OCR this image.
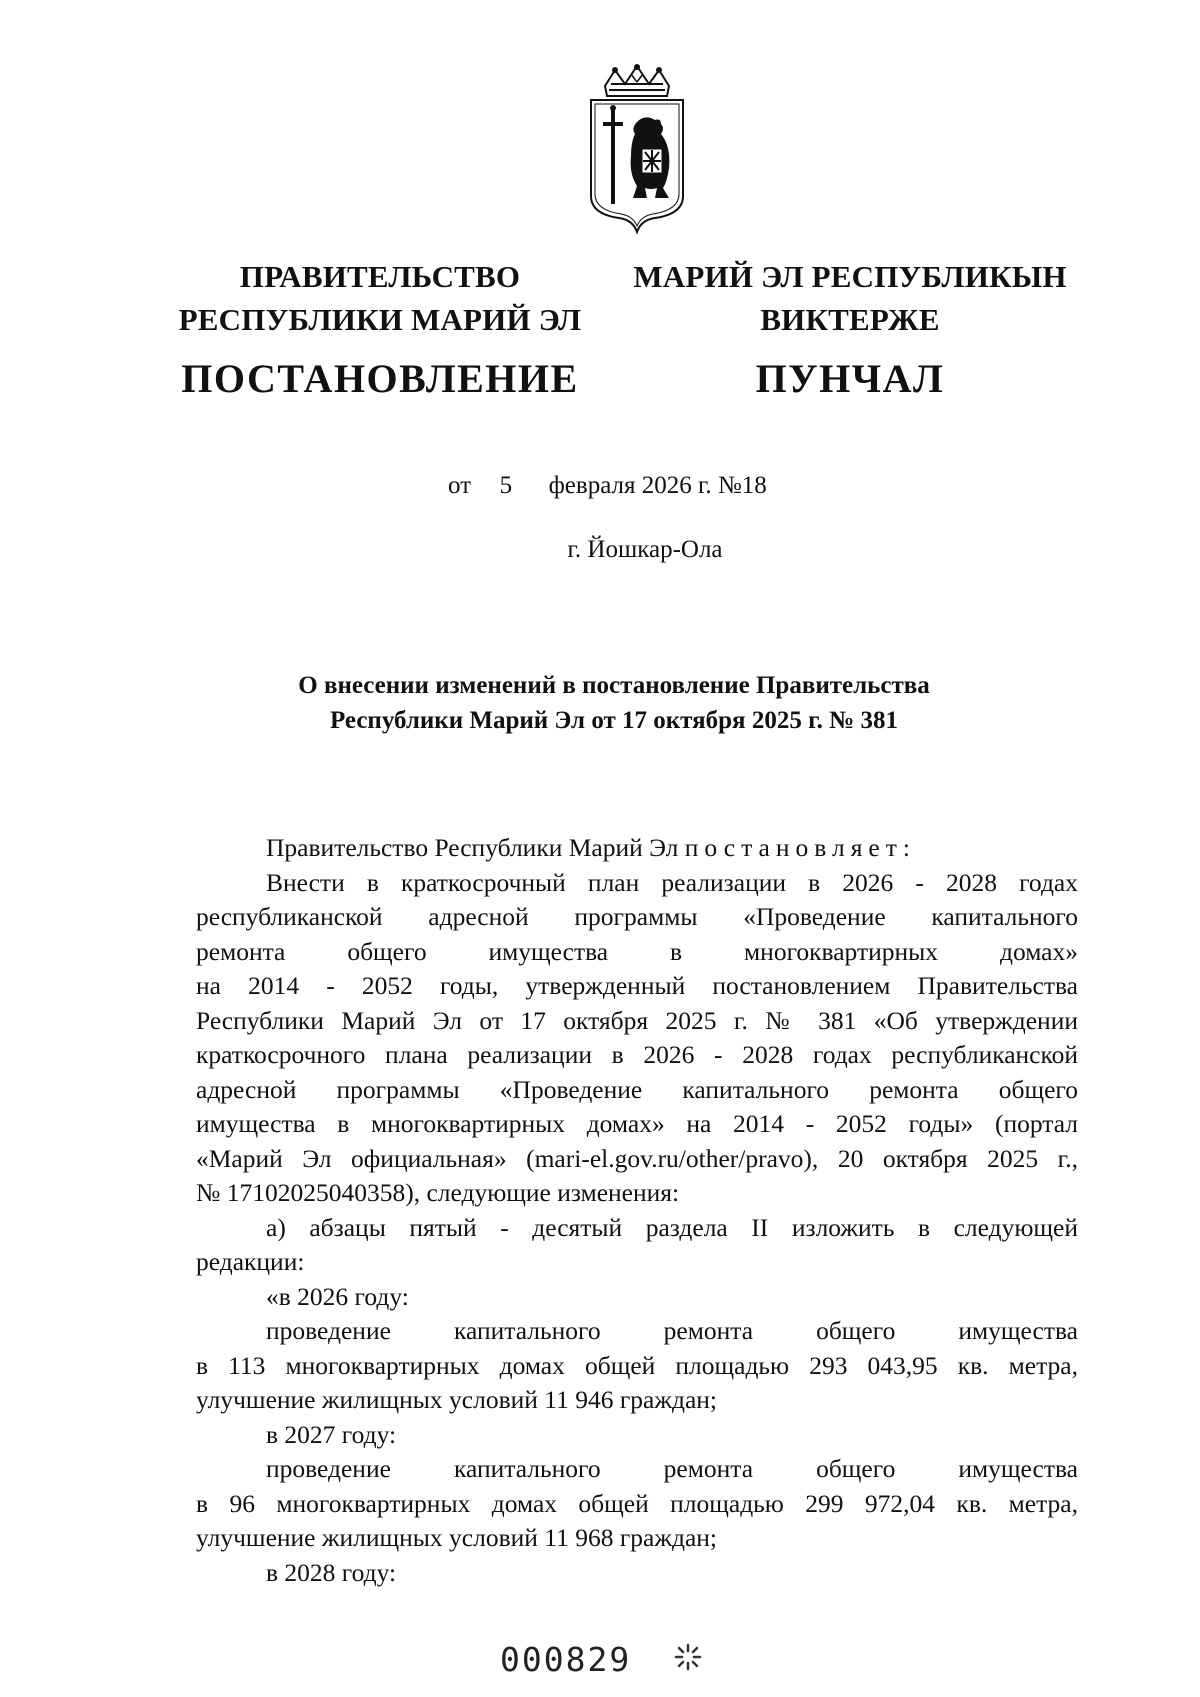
ПРАВИТЕЛЬСТВО
РЕСПУБЛИКИ МАРИЙ ЭЛ
ПОСТАНОВЛЕНИЕ
МАРИЙ ЭЛ РЕСПУБЛИКЫН
ВИКТЕРЖЕ
ПУНЧАЛ
от 5 февраля 2026 г. №18
г. Йошкар-Ола
О внесении изменений в постановление Правительства
Республики Марий Эл от 17 октября 2025 г. № 381

Правительство Республики Марий Эл постановляет:

Внести в краткосрочный план реализации в 2026 - 2028 годах

республиканской адресной программы «Проведение капитального

ремонта общего имущества в многоквартирных домах»

на 2014 - 2052 годы, утвержденный постановлением Правительства

Республики Марий Эл от 17 октября 2025 г. № 381 «Об утверждении

краткосрочного плана реализации в 2026 - 2028 годах республиканской

адресной программы «Проведение капитального ремонта общего

имущества в многоквартирных домах» на 2014 - 2052 годы» (портал

«Марий Эл официальная» (mari-el.gov.ru/other/pravo), 20 октября 2025 г.,

№ 17102025040358), следующие изменения:

а) абзацы пятый - десятый раздела II изложить в следующей

редакции:

«в 2026 году:

проведение капитального ремонта общего имущества

в 113 многоквартирных домах общей площадью 293 043,95 кв. метра,

улучшение жилищных условий 11 946 граждан;

в 2027 году:

проведение капитального ремонта общего имущества

в 96 многоквартирных домах общей площадью 299 972,04 кв. метра,

улучшение жилищных условий 11 968 граждан;

в 2028 году:

000829
